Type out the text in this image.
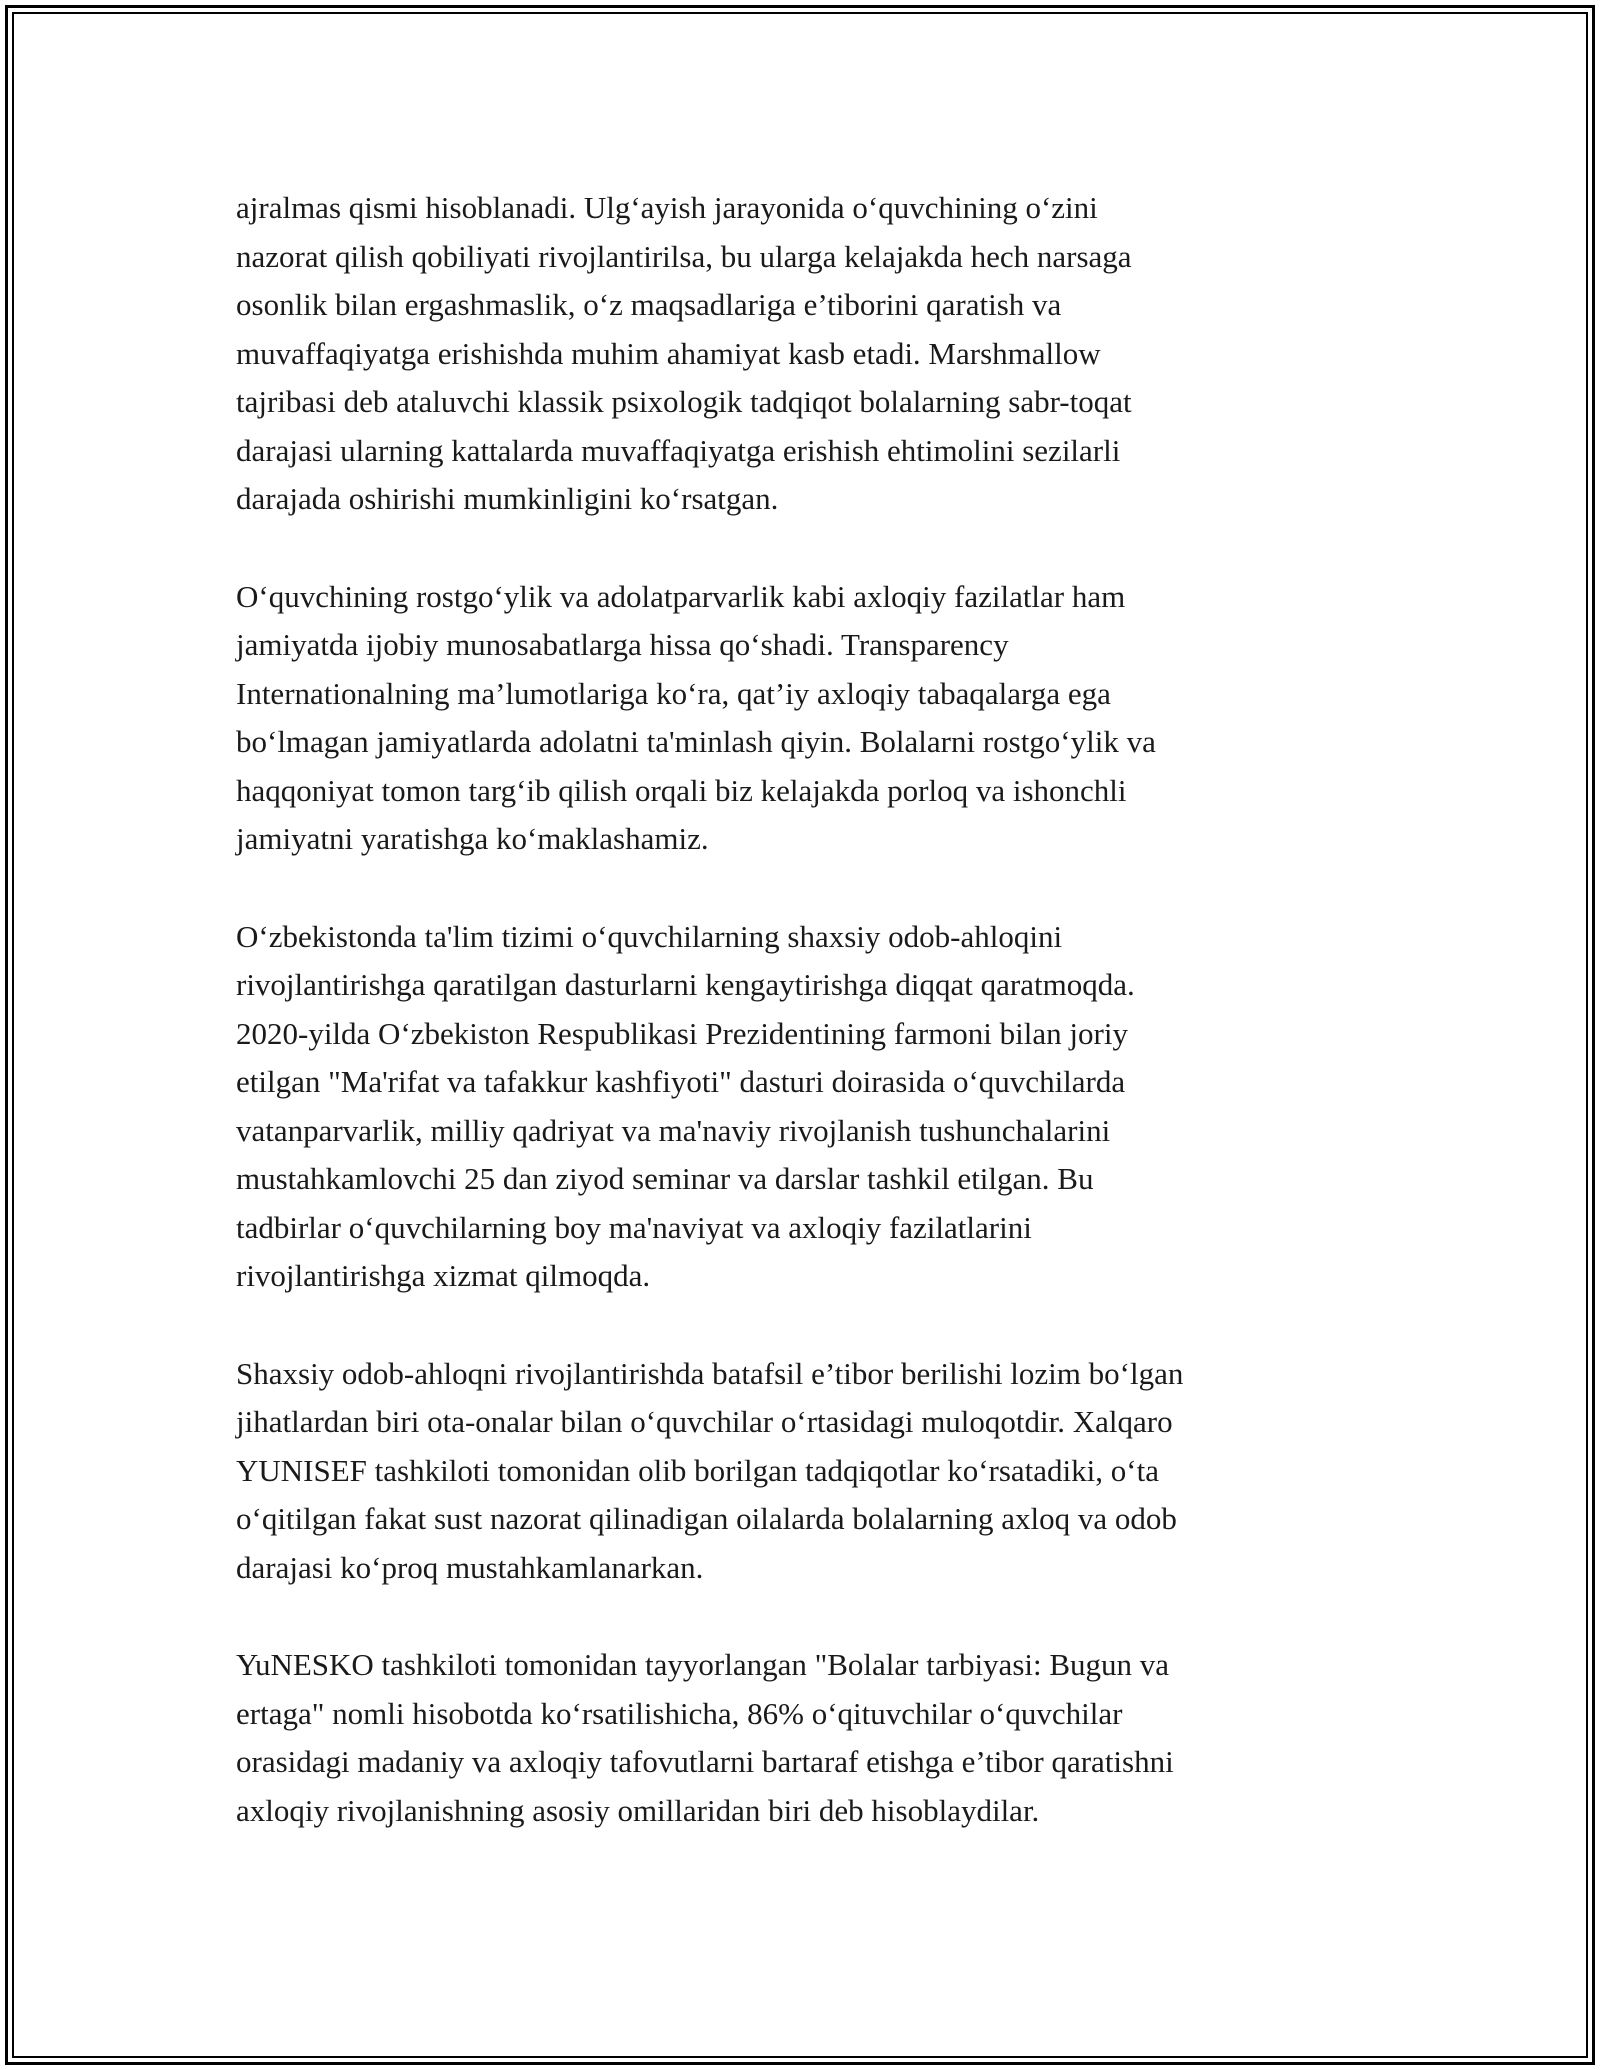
ajralmas qismi hisoblanadi. Ulg‘ayish jarayonida o‘quvchining o‘zini
nazorat qilish qobiliyati rivojlantirilsa, bu ularga kelajakda hech narsaga
osonlik bilan ergashmaslik, o‘z maqsadlariga e’tiborini qaratish va
muvaffaqiyatga erishishda muhim ahamiyat kasb etadi. Marshmallow
tajribasi deb ataluvchi klassik psixologik tadqiqot bolalarning sabr-toqat
darajasi ularning kattalarda muvaffaqiyatga erishish ehtimolini sezilarli
darajada oshirishi mumkinligini ko‘rsatgan.

O‘quvchining rostgo‘ylik va adolatparvarlik kabi axloqiy fazilatlar ham
jamiyatda ijobiy munosabatlarga hissa qo‘shadi. Transparency
Internationalning ma’lumotlariga ko‘ra, qat’iy axloqiy tabaqalarga ega
bo‘lmagan jamiyatlarda adolatni ta'minlash qiyin. Bolalarni rostgo‘ylik va
haqqoniyat tomon targ‘ib qilish orqali biz kelajakda porloq va ishonchli
jamiyatni yaratishga ko‘maklashamiz.

O‘zbekistonda ta'lim tizimi o‘quvchilarning shaxsiy odob-ahloqini
rivojlantirishga qaratilgan dasturlarni kengaytirishga diqqat qaratmoqda.
2020-yilda O‘zbekiston Respublikasi Prezidentining farmoni bilan joriy
etilgan "Ma'rifat va tafakkur kashfiyoti" dasturi doirasida o‘quvchilarda
vatanparvarlik, milliy qadriyat va ma'naviy rivojlanish tushunchalarini
mustahkamlovchi 25 dan ziyod seminar va darslar tashkil etilgan. Bu
tadbirlar o‘quvchilarning boy ma'naviyat va axloqiy fazilatlarini
rivojlantirishga xizmat qilmoqda.

Shaxsiy odob-ahloqni rivojlantirishda batafsil e’tibor berilishi lozim bo‘lgan
jihatlardan biri ota-onalar bilan o‘quvchilar o‘rtasidagi muloqotdir. Xalqaro
YUNISEF tashkiloti tomonidan olib borilgan tadqiqotlar ko‘rsatadiki, o‘ta
o‘qitilgan fakat sust nazorat qilinadigan oilalarda bolalarning axloq va odob
darajasi ko‘proq mustahkamlanarkan.

YuNESKO tashkiloti tomonidan tayyorlangan "Bolalar tarbiyasi: Bugun va
ertaga" nomli hisobotda ko‘rsatilishicha, 86% o‘qituvchilar o‘quvchilar
orasidagi madaniy va axloqiy tafovutlarni bartaraf etishga e’tibor qaratishni
axloqiy rivojlanishning asosiy omillaridan biri deb hisoblaydilar.
